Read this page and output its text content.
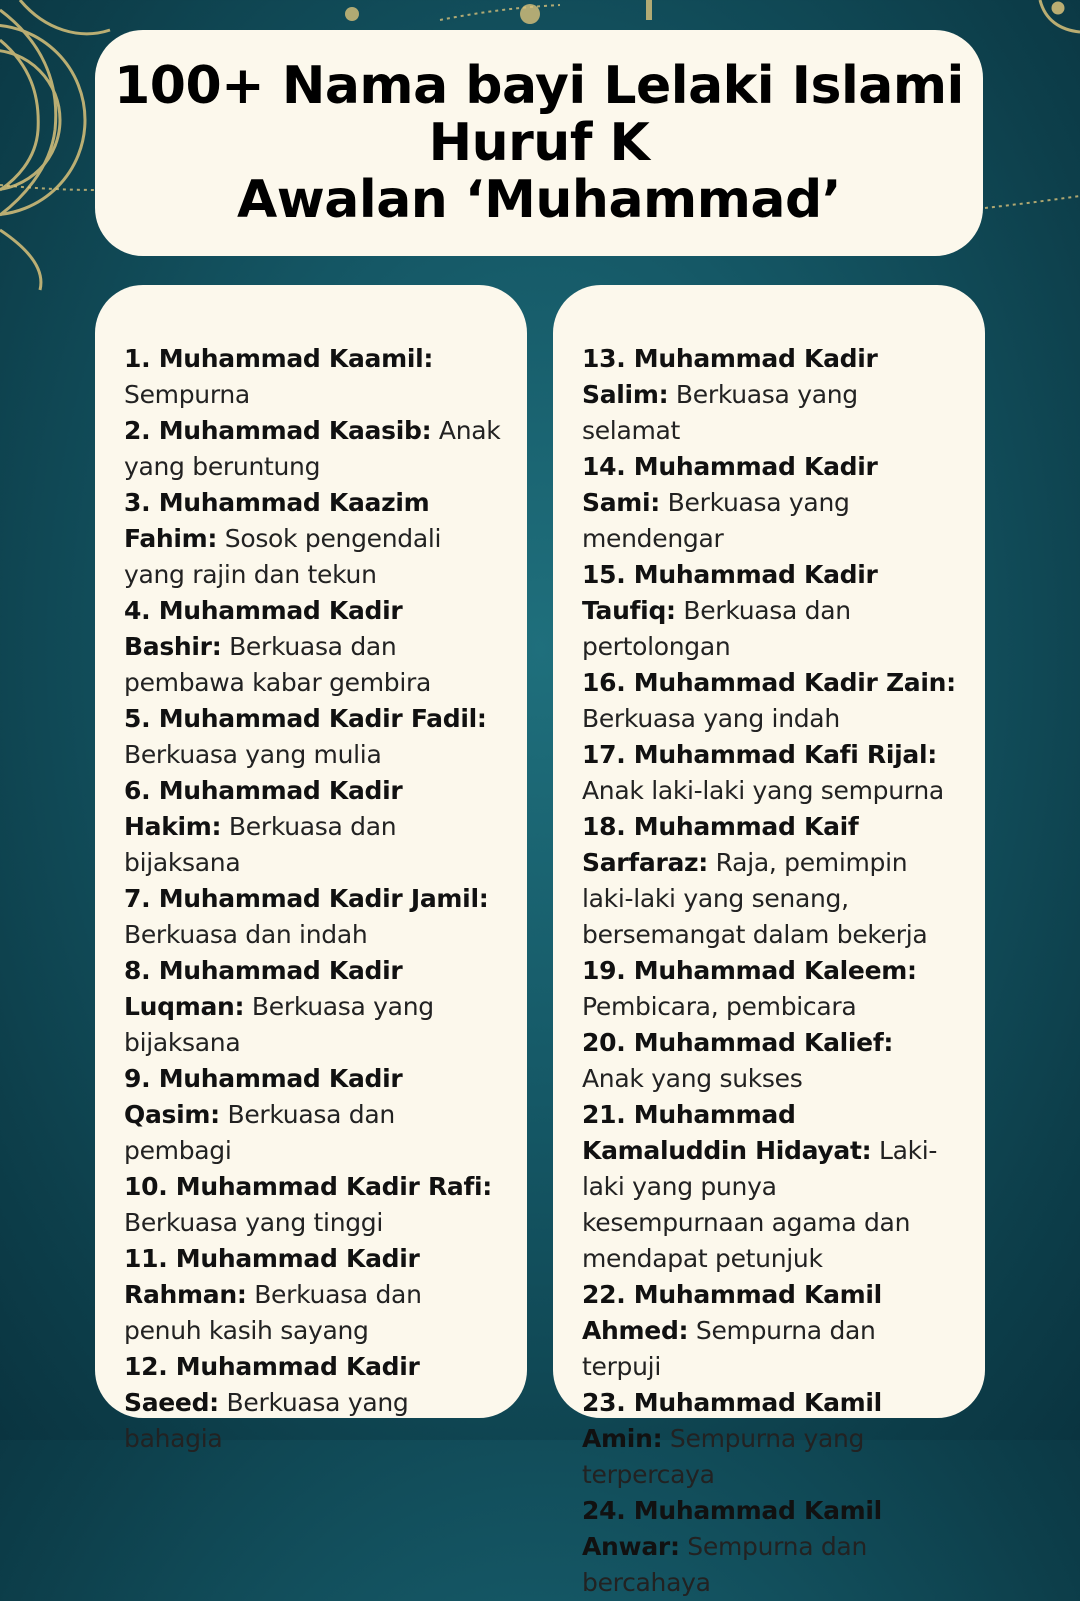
100+ Nama bayi Lelaki Islami
Huruf K
Awalan ‘Muhammad’

1. Muhammad Kaamil: Sempurna

2. Muhammad Kaasib: Anak yang beruntung

3. Muhammad Kaazim Fahim: Sosok pengendali yang rajin dan tekun

4. Muhammad Kadir Bashir: Berkuasa dan pembawa kabar gembira

5. Muhammad Kadir Fadil: Berkuasa yang mulia

6. Muhammad Kadir Hakim: Berkuasa dan bijaksana

7. Muhammad Kadir Jamil: Berkuasa dan indah

8. Muhammad Kadir Luqman: Berkuasa yang bijaksana

9. Muhammad Kadir Qasim: Berkuasa dan pembagi

10. Muhammad Kadir Rafi: Berkuasa yang tinggi

11. Muhammad Kadir Rahman: Berkuasa dan penuh kasih sayang

12. Muhammad Kadir Saeed: Berkuasa yang bahagia

13. Muhammad Kadir Salim: Berkuasa yang selamat

14. Muhammad Kadir Sami: Berkuasa yang mendengar

15. Muhammad Kadir Taufiq: Berkuasa dan pertolongan

16. Muhammad Kadir Zain: Berkuasa yang indah

17. Muhammad Kafi Rijal: Anak laki-laki yang sempurna

18. Muhammad Kaif Sarfaraz: Raja, pemimpin laki-laki yang senang, bersemangat dalam bekerja

19. Muhammad Kaleem: Pembicara, pembicara

20. Muhammad Kalief: Anak yang sukses

21. Muhammad Kamaluddin Hidayat: Laki-laki yang punya kesempurnaan agama dan mendapat petunjuk

22. Muhammad Kamil Ahmed: Sempurna dan terpuji

23. Muhammad Kamil Amin: Sempurna yang terpercaya

24. Muhammad Kamil Anwar: Sempurna dan bercahaya
